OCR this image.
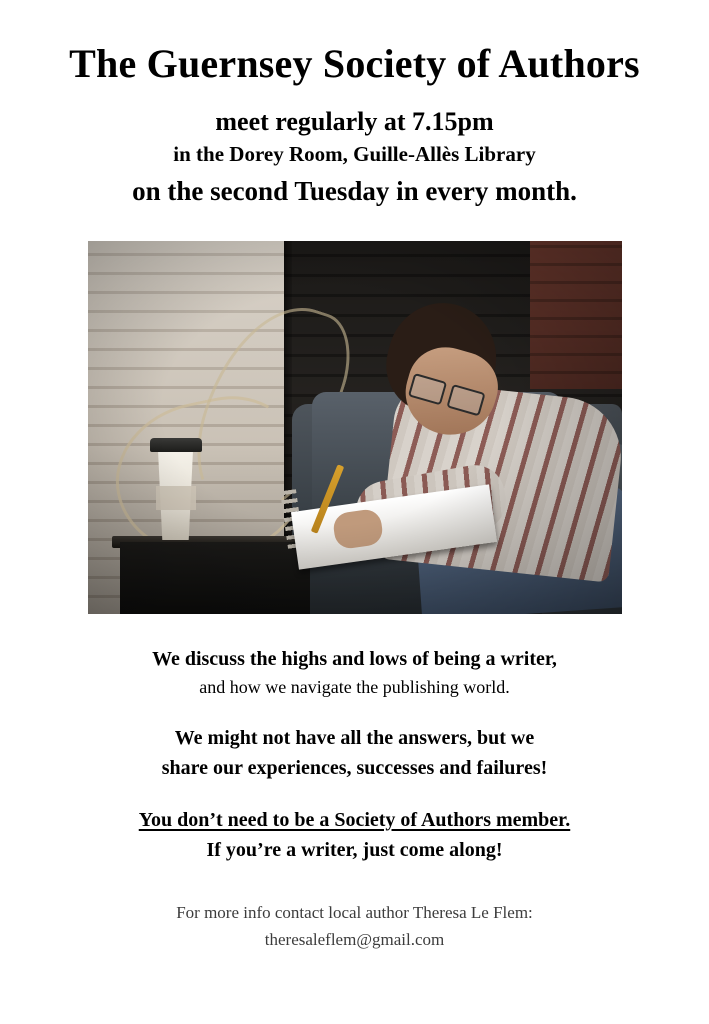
The Guernsey Society of Authors

meet regularly at 7.15pm

in the Dorey Room, Guille-Allès Library

on the second Tuesday in every month.

We discuss the highs and lows of being a writer,

and how we navigate the publishing world.

We might not have all the answers, but we

share our experiences, successes and failures!

You don’t need to be a Society of Authors member.

If you’re a writer, just come along!

For more info contact local author Theresa Le Flem:

theresaleflem@gmail.com
